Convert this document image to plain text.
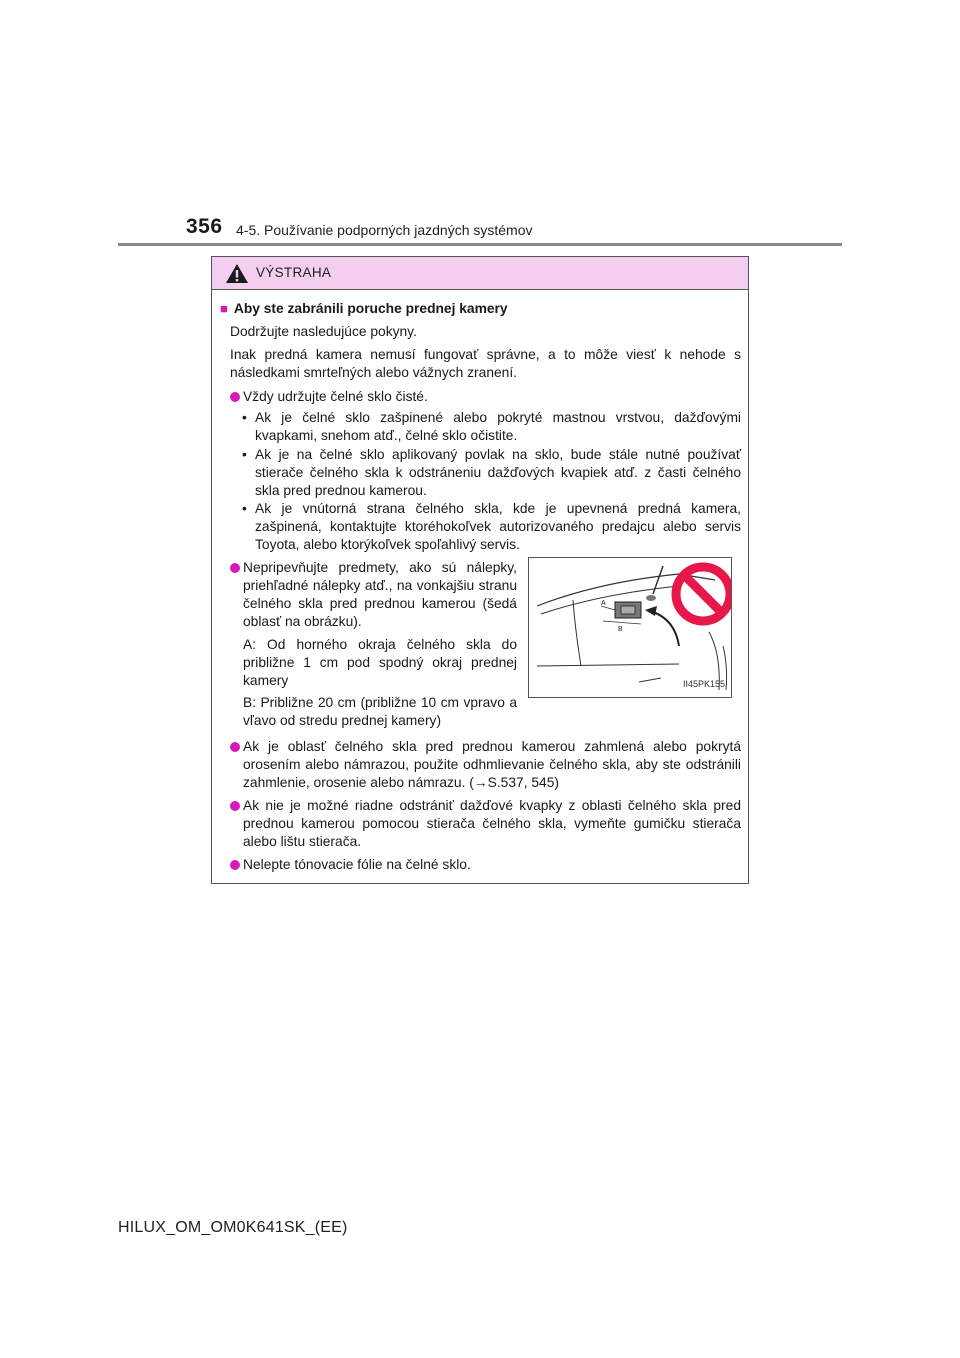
356 4-5. Používanie podporných jazdných systémov
VÝSTRAHA
■ Aby ste zabránili poruche prednej kamery
Dodržujte nasledujúce pokyny.
Inak predná kamera nemusí fungovať správne, a to môže viesť k nehode s následkami smrteľných alebo vážnych zranení.
Vždy udržujte čelné sklo čisté.
• Ak je čelné sklo zašpinené alebo pokryté mastnou vrstvou, dažďovými kvapkami, snehom atď., čelné sklo očistite.
• Ak je na čelné sklo aplikovaný povlak na sklo, bude stále nutné používať stierače čelného skla k odstráneniu dažďových kvapiek atď. z časti čelného skla pred prednou kamerou.
• Ak je vnútorná strana čelného skla, kde je upevnená predná kamera, zašpinená, kontaktujte ktoréhokoľvek autorizovaného predajcu alebo servis Toyota, alebo ktorýkoľvek spoľahlivý servis.
Nepripevňujte predmety, ako sú nálepky, priehľadné nálepky atď., na vonkajšiu stranu čelného skla pred prednou kamerou (šedá oblasť na obrázku).
A: Od horného okraja čelného skla do približne 1 cm pod spodný okraj prednej kamery
B: Približne 20 cm (približne 10 cm vpravo a vľavo od stredu prednej kamery)
A
B
II45PK155
Ak je oblasť čelného skla pred prednou kamerou zahmlená alebo pokrytá orosením alebo námrazou, použite odhmlievanie čelného skla, aby ste odstránili zahmlenie, orosenie alebo námrazu. (→S.537, 545)
Ak nie je možné riadne odstrániť dažďové kvapky z oblasti čelného skla pred prednou kamerou pomocou stierača čelného skla, vymeňte gumičku stierača alebo lištu stierača.
Nelepte tónovacie fólie na čelné sklo.
HILUX_OM_OM0K641SK_(EE)
